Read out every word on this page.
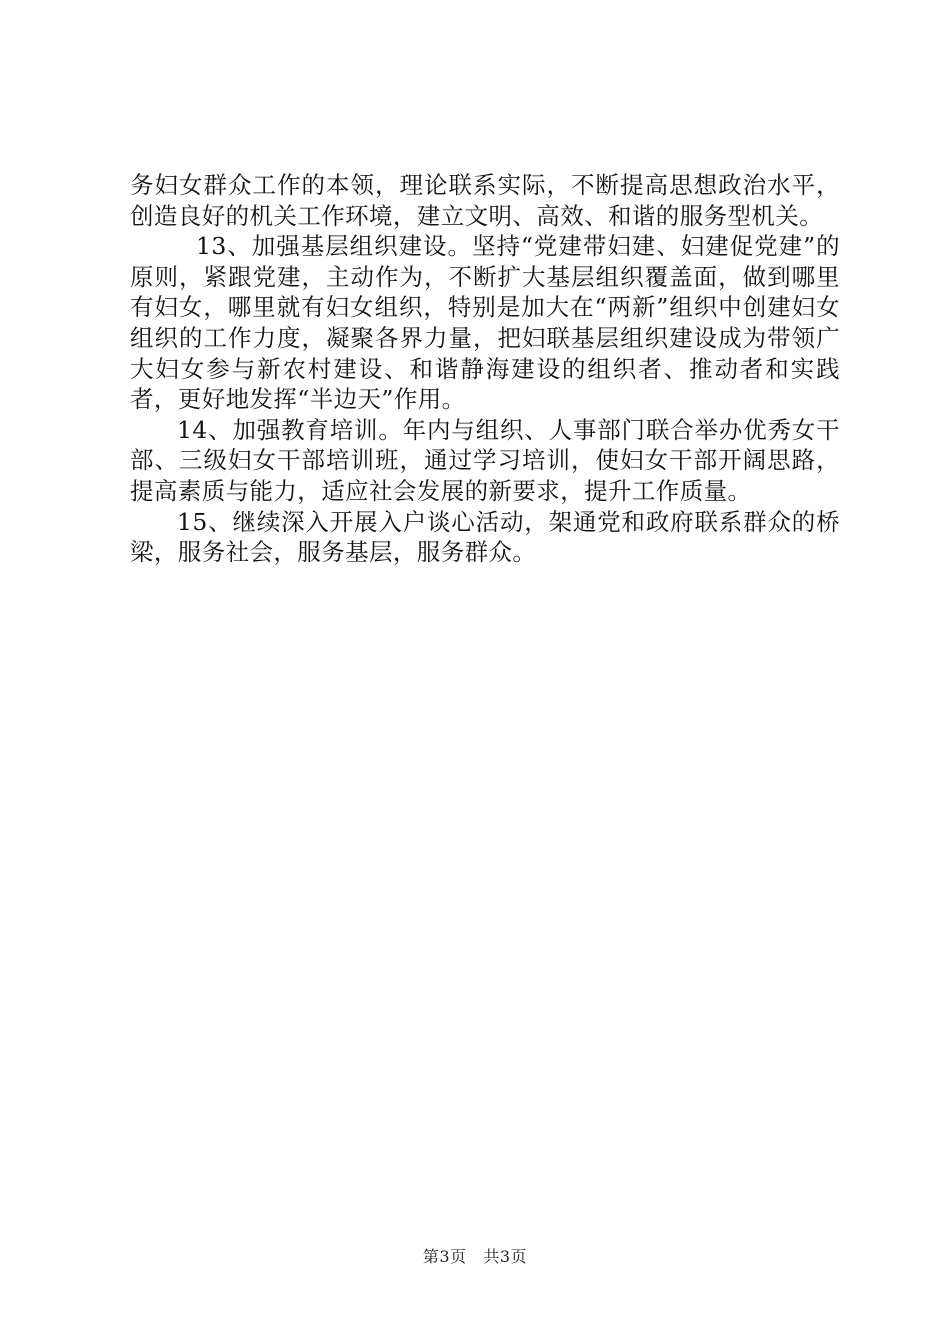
务妇女群众工作的本领，理论联系实际，不断提高思想政治水平，创造良好的机关工作环境，建立文明、高效、和谐的服务型机关。

13、加强基层组织建设。坚持“党建带妇建、妇建促党建”的原则，紧跟党建，主动作为，不断扩大基层组织覆盖面，做到哪里有妇女，哪里就有妇女组织，特别是加大在“两新”组织中创建妇女组织的工作力度，凝聚各界力量，把妇联基层组织建设成为带领广大妇女参与新农村建设、和谐静海建设的组织者、推动者和实践者，更好地发挥“半边天”作用。

14、加强教育培训。年内与组织、人事部门联合举办优秀女干部、三级妇女干部培训班，通过学习培训，使妇女干部开阔思路，提高素质与能力，适应社会发展的新要求，提升工作质量。

15、继续深入开展入户谈心活动，架通党和政府联系群众的桥梁，服务社会，服务基层，服务群众。

第3页 共3页
